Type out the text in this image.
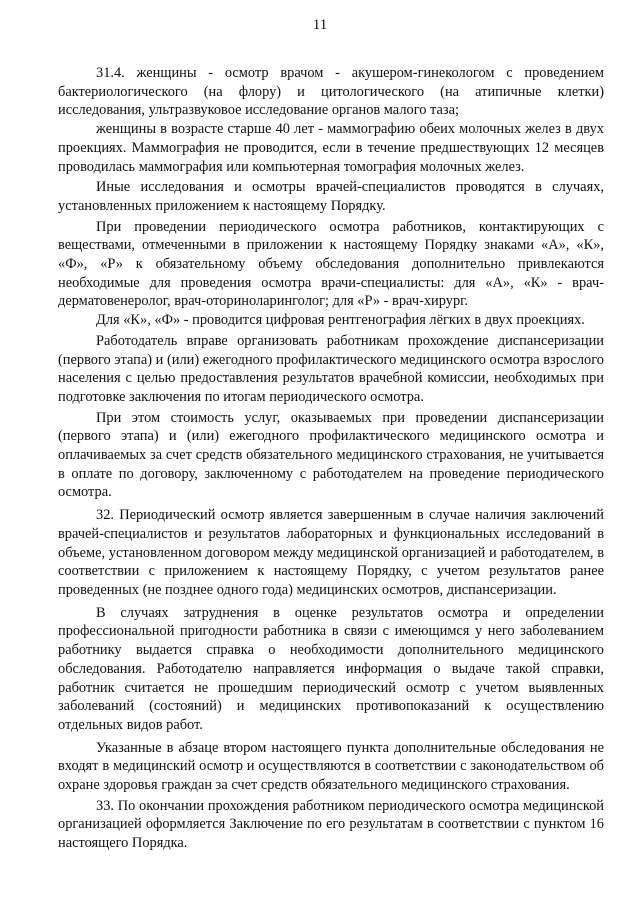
11

31.4. женщины - осмотр врачом - акушером-гинекологом с проведением бактериологического (на флору) и цитологического (на атипичные клетки) исследования, ультразвуковое исследование органов малого таза;

женщины в возрасте старше 40 лет - маммографию обеих молочных желез в двух проекциях. Маммография не проводится, если в течение предшествующих 12 месяцев проводилась маммография или компьютерная томография молочных желез.

Иные исследования и осмотры врачей-специалистов проводятся в случаях, установленных приложением к настоящему Порядку.

При проведении периодического осмотра работников, контактирующих с веществами, отмеченными в приложении к настоящему Порядку знаками «А», «К», «Ф», «Р» к обязательному объему обследования дополнительно привлекаются необходимые для проведения осмотра врачи-специалисты: для «А», «К» - врач-дерматовенеролог, врач-оториноларинголог; для «Р» - врач-хирург.

Для «К», «Ф» - проводится цифровая рентгенография лёгких в двух проекциях.

Работодатель вправе организовать работникам прохождение диспансеризации (первого этапа) и (или) ежегодного профилактического медицинского осмотра взрослого населения с целью предоставления результатов врачебной комиссии, необходимых при подготовке заключения по итогам периодического осмотра.

При этом стоимость услуг, оказываемых при проведении диспансеризации (первого этапа) и (или) ежегодного профилактического медицинского осмотра и оплачиваемых за счет средств обязательного медицинского страхования, не учитывается в оплате по договору, заключенному с работодателем на проведение периодического осмотра.

32. Периодический осмотр является завершенным в случае наличия заключений врачей-специалистов и результатов лабораторных и функциональных исследований в объеме, установленном договором между медицинской организацией и работодателем, в соответствии с приложением к настоящему Порядку, с учетом результатов ранее проведенных (не позднее одного года) медицинских осмотров, диспансеризации.

В случаях затруднения в оценке результатов осмотра и определении профессиональной пригодности работника в связи с имеющимся у него заболеванием работнику выдается справка о необходимости дополнительного медицинского обследования. Работодателю направляется информация о выдаче такой справки, работник считается не прошедшим периодический осмотр с учетом выявленных заболеваний (состояний) и медицинских противопоказаний к осуществлению отдельных видов работ.

Указанные в абзаце втором настоящего пункта дополнительные обследования не входят в медицинский осмотр и осуществляются в соответствии с законодательством об охране здоровья граждан за счет средств обязательного медицинского страхования.

33. По окончании прохождения работником периодического осмотра медицинской организацией оформляется Заключение по его результатам в соответствии с пунктом 16 настоящего Порядка.
